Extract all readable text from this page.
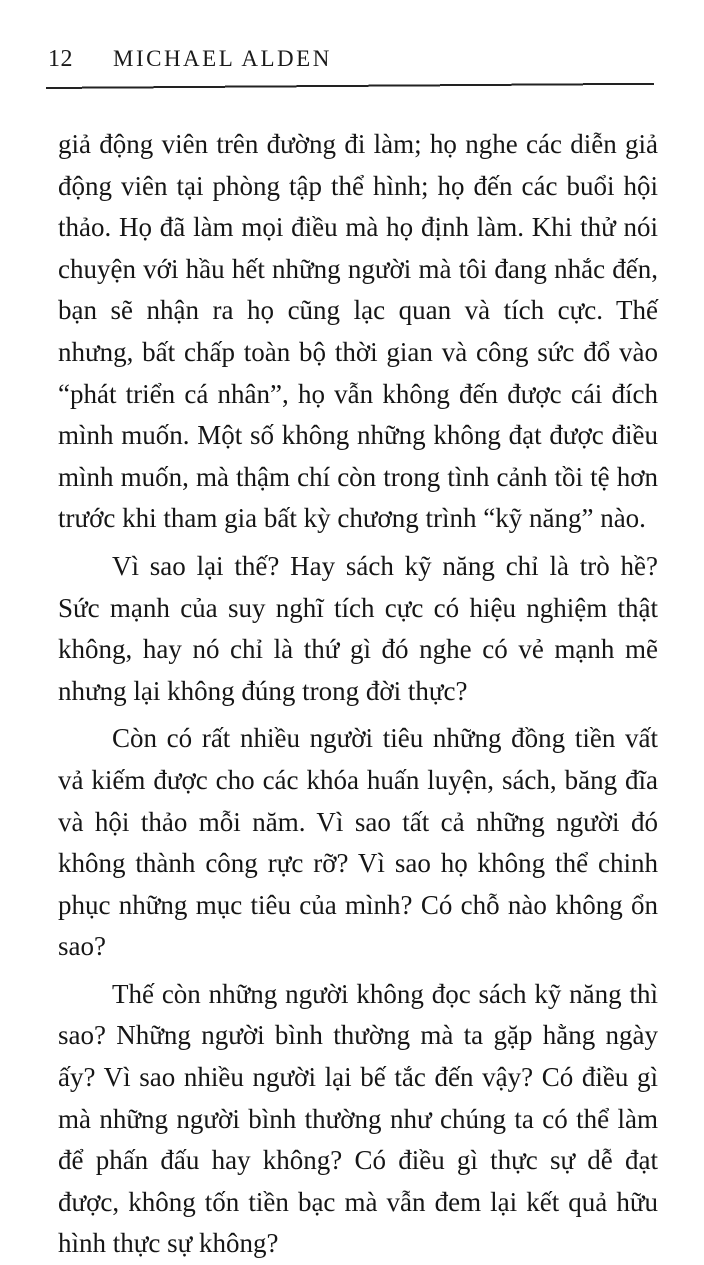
12 MICHAEL ALDEN

giả động viên trên đường đi làm; họ nghe các diễn giả động viên tại phòng tập thể hình; họ đến các buổi hội thảo. Họ đã làm mọi điều mà họ định làm. Khi thử nói chuyện với hầu hết những người mà tôi đang nhắc đến, bạn sẽ nhận ra họ cũng lạc quan và tích cực. Thế nhưng, bất chấp toàn bộ thời gian và công sức đổ vào “phát triển cá nhân”, họ vẫn không đến được cái đích mình muốn. Một số không những không đạt được điều mình muốn, mà thậm chí còn trong tình cảnh tồi tệ hơn trước khi tham gia bất kỳ chương trình “kỹ năng” nào.

Vì sao lại thế? Hay sách kỹ năng chỉ là trò hề? Sức mạnh của suy nghĩ tích cực có hiệu nghiệm thật không, hay nó chỉ là thứ gì đó nghe có vẻ mạnh mẽ nhưng lại không đúng trong đời thực?

Còn có rất nhiều người tiêu những đồng tiền vất vả kiếm được cho các khóa huấn luyện, sách, băng đĩa và hội thảo mỗi năm. Vì sao tất cả những người đó không thành công rực rỡ? Vì sao họ không thể chinh phục những mục tiêu của mình? Có chỗ nào không ổn sao?

Thế còn những người không đọc sách kỹ năng thì sao? Những người bình thường mà ta gặp hằng ngày ấy? Vì sao nhiều người lại bế tắc đến vậy? Có điều gì mà những người bình thường như chúng ta có thể làm để phấn đấu hay không? Có điều gì thực sự dễ đạt được, không tốn tiền bạc mà vẫn đem lại kết quả hữu hình thực sự không?
